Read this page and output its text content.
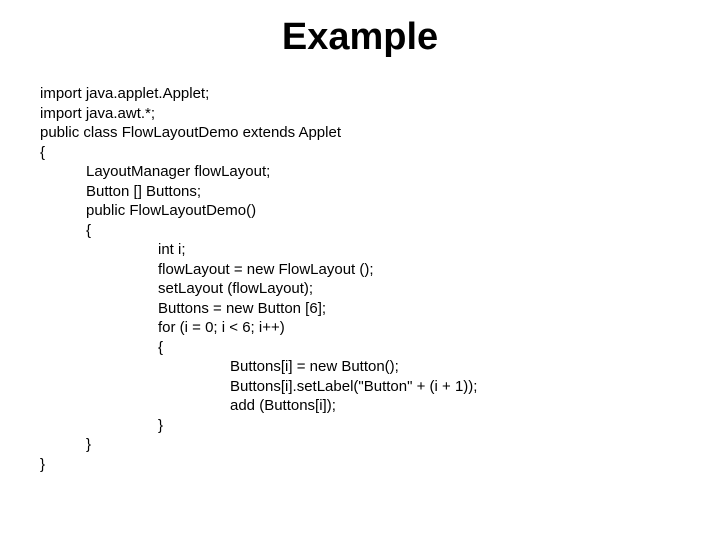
Example
import java.applet.Applet;
import java.awt.*;
public class FlowLayoutDemo extends Applet
{
LayoutManager flowLayout;
Button [] Buttons;
public FlowLayoutDemo()
{
int i;
flowLayout = new FlowLayout ();
setLayout (flowLayout);
Buttons = new Button [6];
for (i = 0; i < 6; i++)
{
Buttons[i] = new Button();
Buttons[i].setLabel("Button" + (i + 1));
add (Buttons[i]);
}
}
}
